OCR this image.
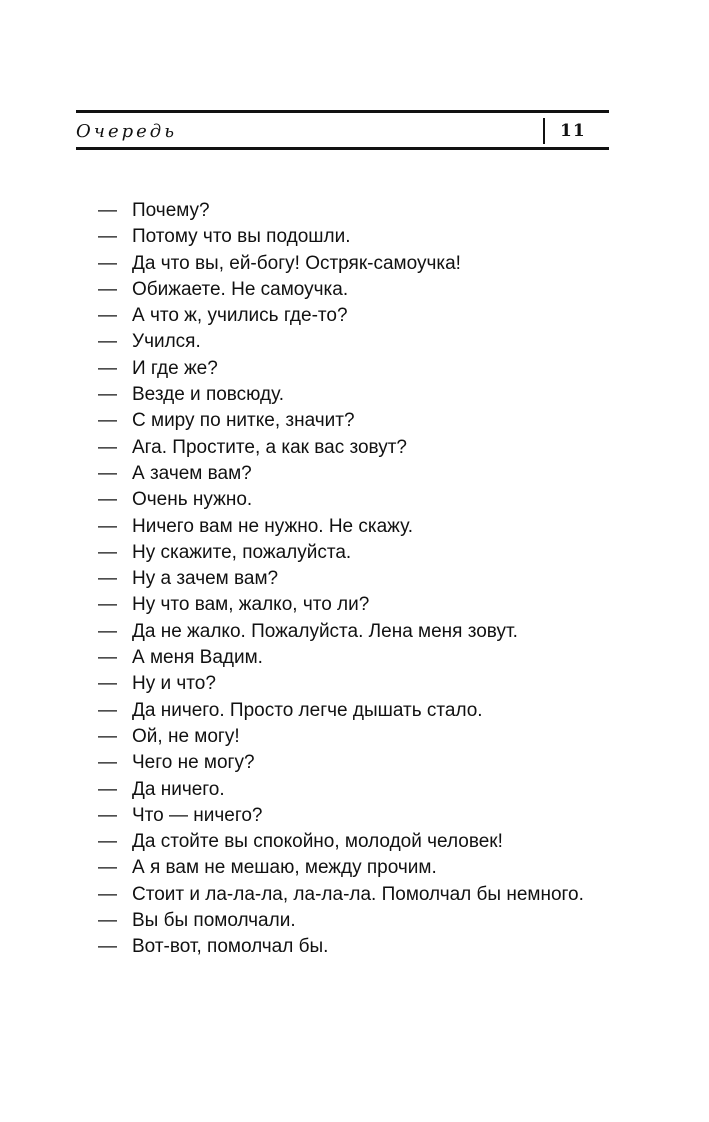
Очередь	11
— Почему?
— Потому что вы подошли.
— Да что вы, ей-богу! Остряк-самоучка!
— Обижаете. Не самоучка.
— А что ж, учились где-то?
— Учился.
— И где же?
— Везде и повсюду.
— С миру по нитке, значит?
— Ага. Простите, а как вас зовут?
— А зачем вам?
— Очень нужно.
— Ничего вам не нужно. Не скажу.
— Ну скажите, пожалуйста.
— Ну а зачем вам?
— Ну что вам, жалко, что ли?
— Да не жалко. Пожалуйста. Лена меня зовут.
— А меня Вадим.
— Ну и что?
— Да ничего. Просто легче дышать стало.
— Ой, не могу!
— Чего не могу?
— Да ничего.
— Что — ничего?
— Да стойте вы спокойно, молодой человек!
— А я вам не мешаю, между прочим.
— Стоит и ла-ла-ла, ла-ла-ла. Помолчал бы немного.
— Вы бы помолчали.
— Вот-вот, помолчал бы.
